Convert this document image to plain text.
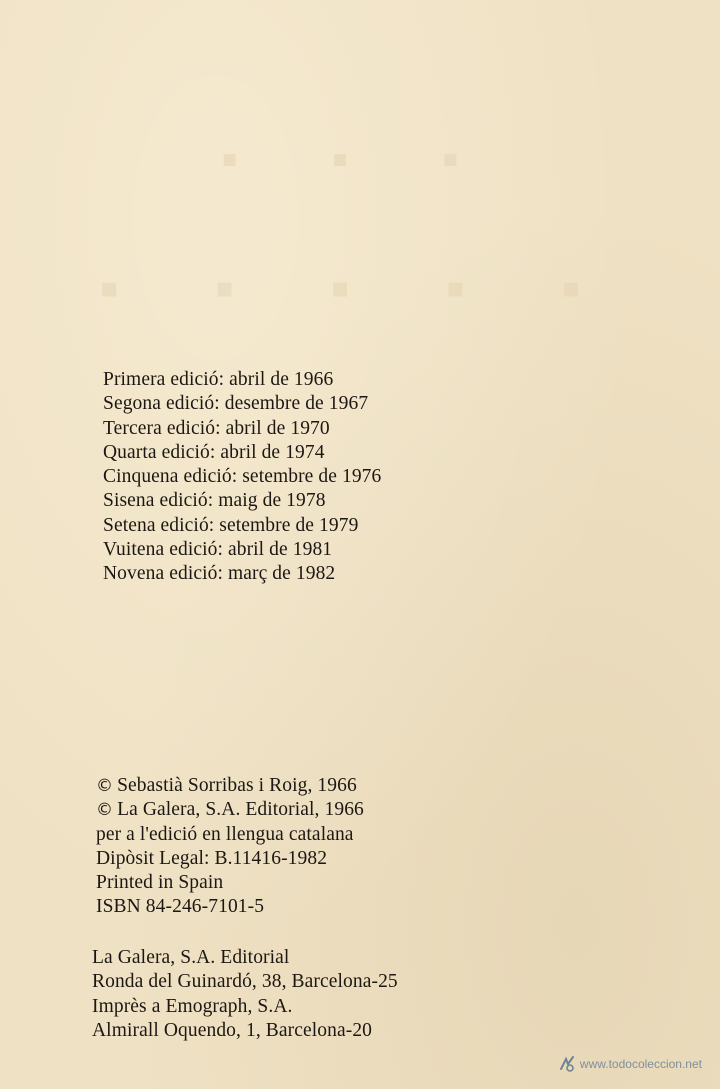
▪ ▪ ▪
▪ ▪ ▪ ▪ ▪
Primera edició: abril de 1966
Segona edició: desembre de 1967
Tercera edició: abril de 1970
Quarta edició: abril de 1974
Cinquena edició: setembre de 1976
Sisena edició: maig de 1978
Setena edició: setembre de 1979
Vuitena edició: abril de 1981
Novena edició: març de 1982
© Sebastià Sorribas i Roig, 1966
© La Galera, S.A. Editorial, 1966
per a l'edició en llengua catalana
Dipòsit Legal: B.11416-1982
Printed in Spain
ISBN 84-246-7101-5
La Galera, S.A. Editorial
Ronda del Guinardó, 38, Barcelona-25
Imprès a Emograph, S.A.
Almirall Oquendo, 1, Barcelona-20
www.todocoleccion.net
